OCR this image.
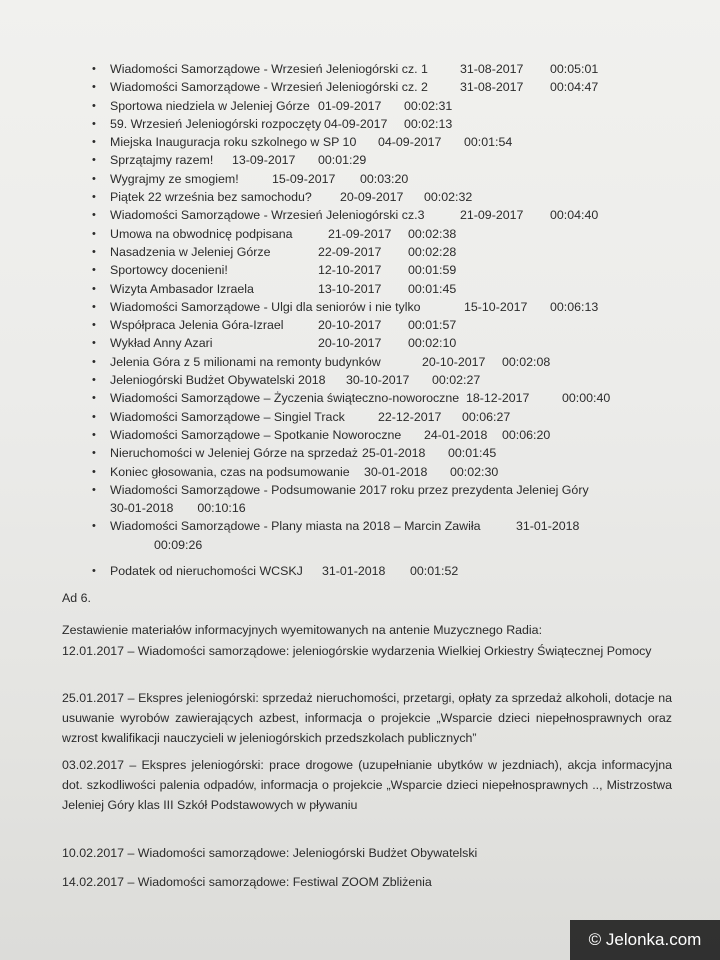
• Wiadomości Samorządowe - Wrzesień Jeleniogórski cz. 1	31-08-2017 00:05:01
• Wiadomości Samorządowe - Wrzesień Jeleniogórski cz. 2	31-08-2017 00:04:47
• Sportowa niedziela w Jeleniej Górze 01-09-2017 00:02:31
• 59. Wrzesień Jeleniogórski rozpoczęty 04-09-2017 00:02:13
• Miejska Inauguracja roku szkolnego w SP 10 04-09-2017 00:01:54
• Sprzątajmy razem! 13-09-2017 00:01:29
• Wygrajmy ze smogiem!	15-09-2017 00:03:20
• Piątek 22 września bez samochodu? 20-09-2017 00:02:32
• Wiadomości Samorządowe - Wrzesień Jeleniogórski cz.3	21-09-2017 00:04:40
• Umowa na obwodnicę podpisana	21-09-2017 00:02:38
• Nasadzenia w Jeleniej Górze	22-09-2017 00:02:28
• Sportowcy docenieni!	12-10-2017 00:01:59
• Wizyta Ambasador Izraela	13-10-2017 00:01:45
• Wiadomości Samorządowe - Ulgi dla seniorów i nie tylko	15-10-2017 00:06:13
• Współpraca Jelenia Góra-Izrael	20-10-2017 00:01:57
• Wykład Anny Azari	20-10-2017 00:02:10
• Jelenia Góra z 5 milionami na remonty budynków	20-10-2017 00:02:08
• Jeleniogórski Budżet Obywatelski 2018 30-10-2017 00:02:27
• Wiadomości Samorządowe – Życzenia świąteczno-noworoczne 18-12-2017	00:00:40
• Wiadomości Samorządowe – Singiel Track	22-12-2017 00:06:27
• Wiadomości Samorządowe – Spotkanie Noworoczne 24-01-2018 00:06:20
• Nieruchomości w Jeleniej Górze na sprzedaż 25-01-2018 00:01:45
• Koniec głosowania, czas na podsumowanie 30-01-2018 00:02:30
• Wiadomości Samorządowe - Podsumowanie 2017 roku przez prezydenta Jeleniej Góry
30-01-2018 00:10:16
• Wiadomości Samorządowe - Plany miasta na 2018 – Marcin Zawiła	31-01-2018
00:09:26
• Podatek od nieruchomości WCSKJ 31-01-2018 00:01:52
Ad 6.
Zestawienie materiałów informacyjnych wyemitowanych na antenie Muzycznego Radia:
12.01.2017 – Wiadomości samorządowe: jeleniogórskie wydarzenia Wielkiej Orkiestry Świątecznej Pomocy
25.01.2017 – Ekspres jeleniogórski: sprzedaż nieruchomości, przetargi, opłaty za sprzedaż alkoholi, dotacje na usuwanie wyrobów zawierających azbest, informacja o projekcie „Wsparcie dzieci niepełnosprawnych oraz wzrost kwalifikacji nauczycieli w jeleniogórskich przedszkolach publicznych”
03.02.2017 – Ekspres jeleniogórski: prace drogowe (uzupełnianie ubytków w jezdniach), akcja informacyjna dot. szkodliwości palenia odpadów, informacja o projekcie „Wsparcie dzieci niepełnosprawnych .., Mistrzostwa Jeleniej Góry klas III Szkół Podstawowych w pływaniu
10.02.2017 – Wiadomości samorządowe: Jeleniogórski Budżet Obywatelski
14.02.2017 – Wiadomości samorządowe: Festiwal ZOOM Zbliżenia
© Jelonka.com
